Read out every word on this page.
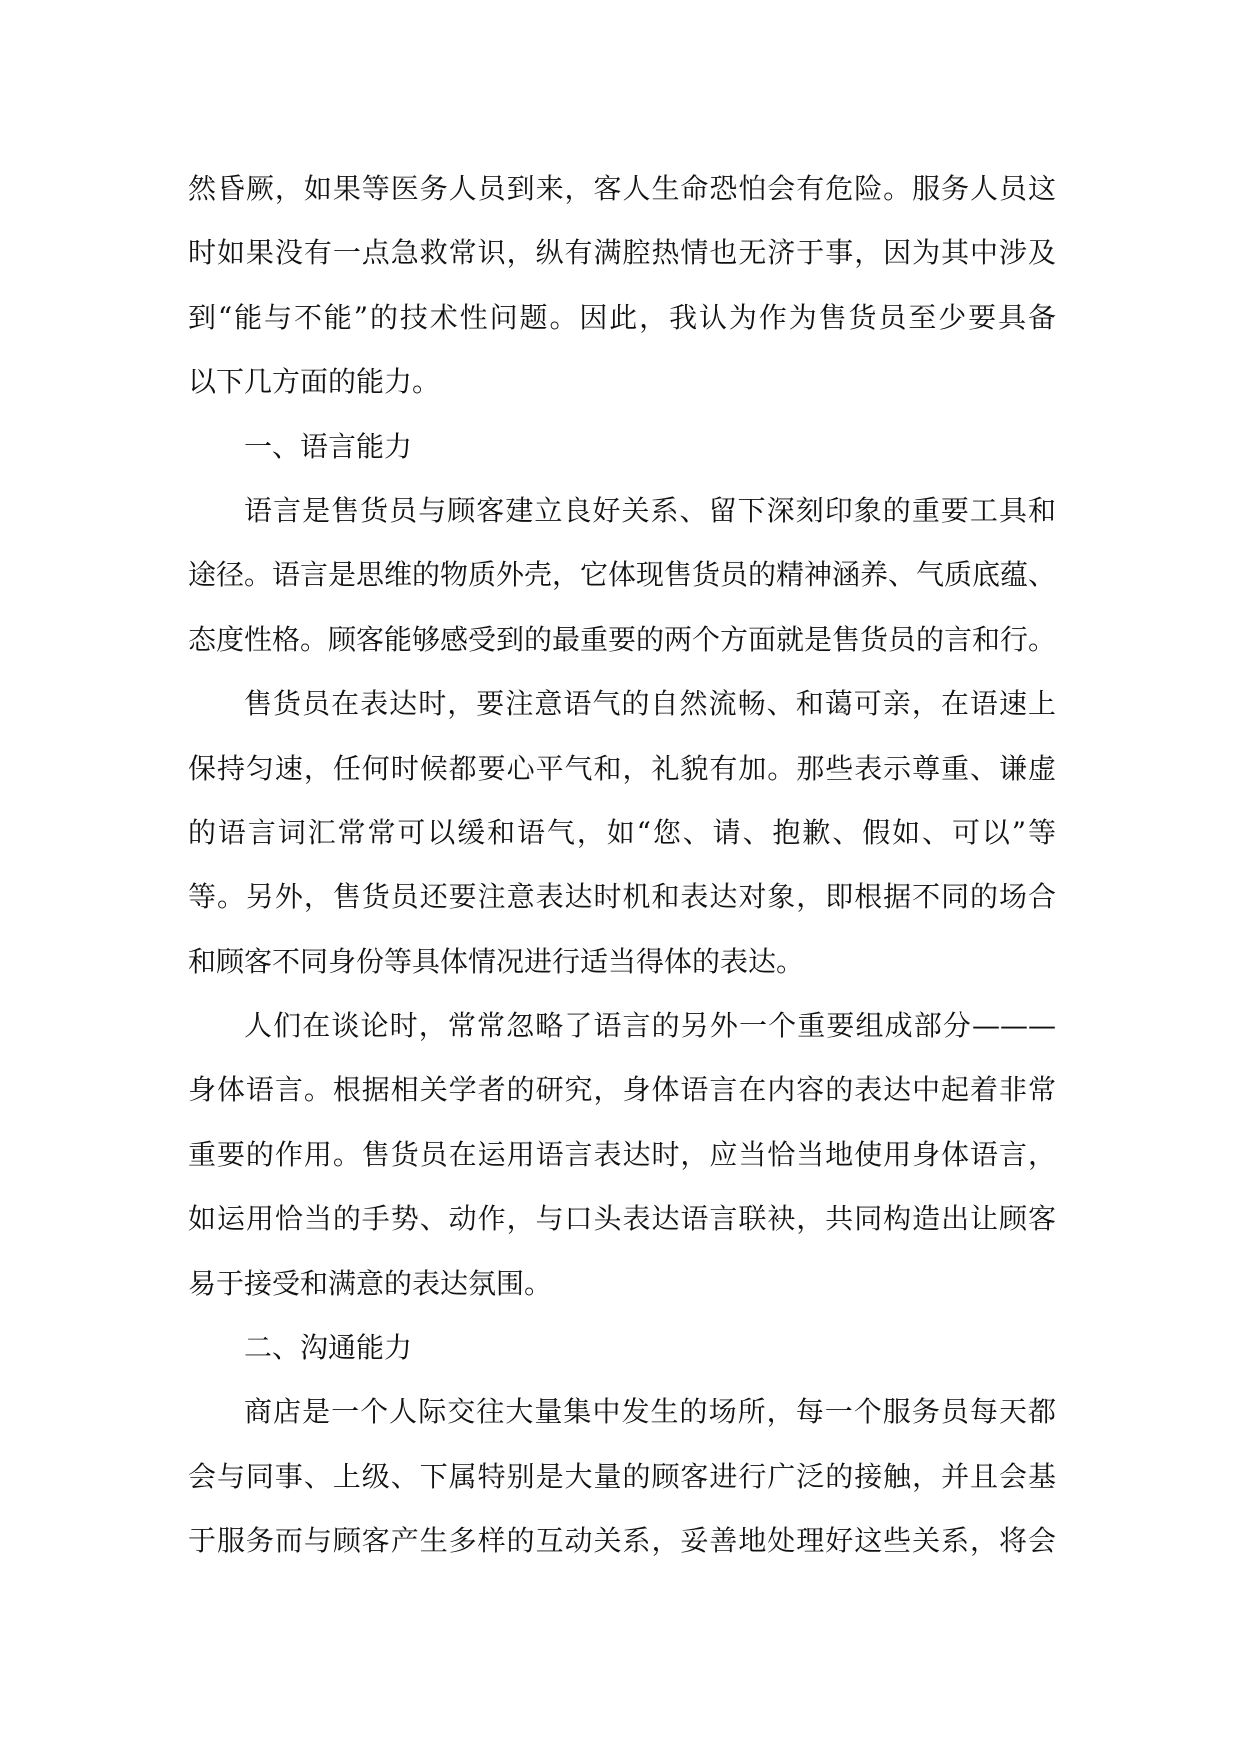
然昏厥，如果等医务人员到来，客人生命恐怕会有危险。服务人员这
时如果没有一点急救常识，纵有满腔热情也无济于事，因为其中涉及
到“能与不能”的技术性问题。因此，我认为作为售货员至少要具备
以下几方面的能力。
一、语言能力
语言是售货员与顾客建立良好关系、留下深刻印象的重要工具和
途径。语言是思维的物质外壳，它体现售货员的精神涵养、气质底蕴、
态度性格。顾客能够感受到的最重要的两个方面就是售货员的言和行。
售货员在表达时，要注意语气的自然流畅、和蔼可亲，在语速上
保持匀速，任何时候都要心平气和，礼貌有加。那些表示尊重、谦虚
的语言词汇常常可以缓和语气，如“您、请、抱歉、假如、可以”等
等。另外，售货员还要注意表达时机和表达对象，即根据不同的场合
和顾客不同身份等具体情况进行适当得体的表达。
人们在谈论时，常常忽略了语言的另外一个重要组成部分———
身体语言。根据相关学者的研究，身体语言在内容的表达中起着非常
重要的作用。售货员在运用语言表达时，应当恰当地使用身体语言，
如运用恰当的手势、动作，与口头表达语言联袂，共同构造出让顾客
易于接受和满意的表达氛围。
二、沟通能力
商店是一个人际交往大量集中发生的场所，每一个服务员每天都
会与同事、上级、下属特别是大量的顾客进行广泛的接触，并且会基
于服务而与顾客产生多样的互动关系，妥善地处理好这些关系，将会
